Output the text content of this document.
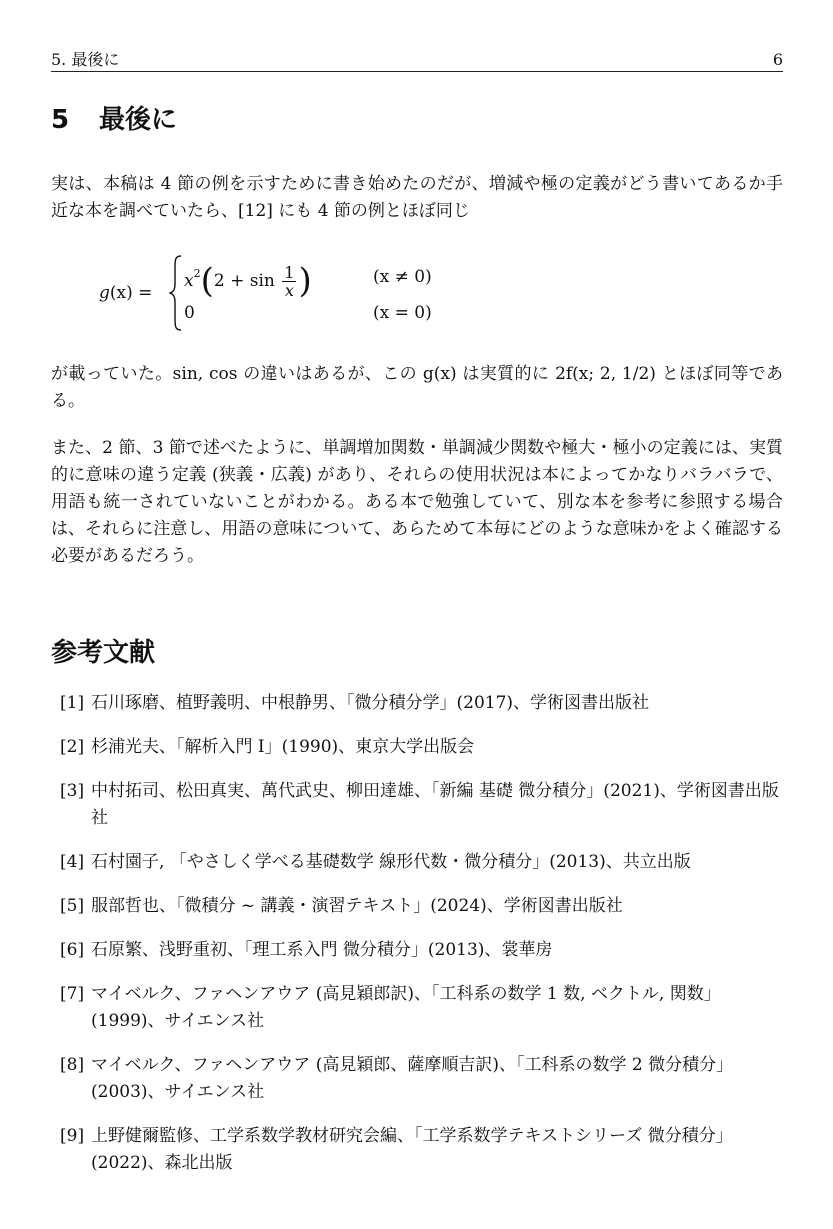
5. 最後に	6
5 最後に

実は、本稿は 4 節の例を示すために書き始めたのだが、増減や極の定義がどう書いてあるか手近な本を調べていたら、[12] にも 4 節の例とほぼ同じ

g(x) =
$x^2(2 + \sin \frac{1}{x}$ )	(x ≠ 0)
0	(x = 0)

が載っていた。sin, cos の違いはあるが、この g(x) は実質的に 2f(x; 2, 1/2) とほぼ同等である。

また、2 節、3 節で述べたように、単調増加関数・単調減少関数や極大・極小の定義には、実質的に意味の違う定義 (狭義・広義) があり、それらの使用状況は本によってかなりバラバラで、用語も統一されていないことがわかる。ある本で勉強していて、別な本を参考に参照する場合は、それらに注意し、用語の意味について、あらためて本毎にどのような意味かをよく確認する必要があるだろう。

参考文献
[1] 石川琢磨、植野義明、中根静男、「微分積分学」(2017)、学術図書出版社
[2] 杉浦光夫、「解析入門 I」(1990)、東京大学出版会
[3] 中村拓司、松田真実、萬代武史、柳田達雄、「新編 基礎 微分積分」(2021)、学術図書出版社
[4] 石村園子, 「やさしく学べる基礎数学 線形代数・微分積分」(2013)、共立出版
[5] 服部哲也、「微積分 ~ 講義・演習テキスト」(2024)、学術図書出版社
[6] 石原繁、浅野重初、「理工系入門 微分積分」(2013)、裳華房
[7] マイベルク、ファヘンアウア (高見穎郎訳)、「工科系の数学 1 数, ベクトル, 関数」(1999)、サイエンス社
[8] マイベルク、ファヘンアウア (高見穎郎、薩摩順吉訳)、「工科系の数学 2 微分積分」(2003)、サイエンス社
[9] 上野健爾監修、工学系数学教材研究会編、「工学系数学テキストシリーズ 微分積分」(2022)、森北出版
